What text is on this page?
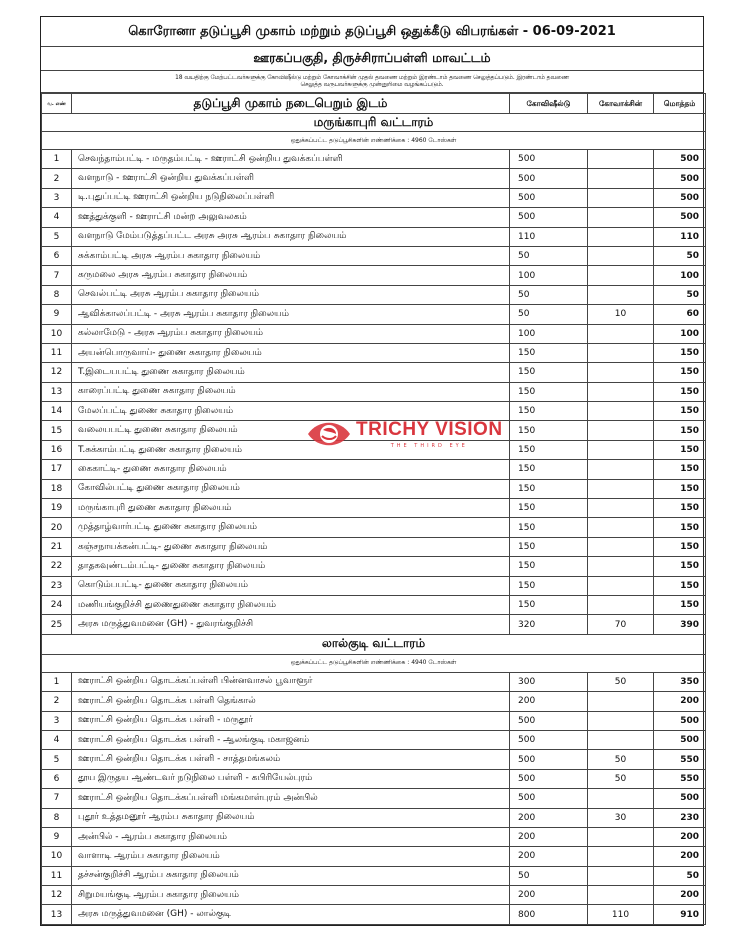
கொரோனா தடுப்பூசி முகாம் மற்றும் தடுப்பூசி ஒதுக்கீடு விபரங்கள் - 06-09-2021
ஊரகப்பகுதி, திருச்சிராப்பள்ளி மாவட்டம்
18 வயதிற்கு மேற்பட்டவர்களுக்கு கோவிஷீல்டு மற்றும் கோவாக்சின் முதல் தவணை மற்றும் இரண்டாம் தவணை செலுத்தப்படும். இரண்டாம் தவணை
செலுத்த வருபவர்களுக்கு முன்னுரிமை வழங்கப்படும்.
வ. எண்	தடுப்பூசி முகாம் நடைபெறும் இடம்	கோவிஷீல்டு	கோவாக்சின்	மொத்தம்
மருங்காபுரி வட்டாரம்				
ஒதுக்கப்பட்ட தடுப்பூசிகளின் எண்ணிக்கை : 4960 டோஸ்கள்				
1	செவந்தாம்பட்டி - மருதம்பட்டி - ஊராட்சி ஒன்றிய துவக்கப்பள்ளி	500		500
2	வளநாடு - ஊராட்சி ஒன்றிய துவக்கப்பள்ளி	500		500
3	டி.புதுப்பட்டி ஊராட்சி ஒன்றிய நடுநிலைப்பள்ளி	500		500
4	ஊத்துக்குளி - ஊராட்சி மன்ற அலுவலகம்	500		500
5	வளநாடு மேம்படுத்தப்பட்ட அரசு அரசு ஆரம்ப சுகாதார நிலையம்	110		110
6	சுக்காம்பட்டி அரசு ஆரம்ப சுகாதார நிலையம்	50		50
7	கருமலை அரசு ஆரம்ப சுகாதார நிலையம்	100		100
8	செவல்பட்டி அரசு ஆரம்ப சுகாதார நிலையம்	50		50
9	ஆவிக்காலப்பட்டி - அரசு ஆரம்ப சுகாதார நிலையம்	50	10	60
10	கல்லாமேடு - அரசு ஆரம்ப சுகாதார நிலையம்	100		100
11	அயன்பொருவாய்- துணை சுகாதார நிலையம்	150		150
12	T.இடையபட்டி துணை சுகாதார நிலையம்	150		150
13	காரைப்பட்டி துணை சுகாதார நிலையம்	150		150
14	மேலப்பட்டி துணை சுகாதார நிலையம்	150		150
15	வலையபட்டி துணை சுகாதார நிலையம்	150		150
16	T.சுக்காம்பட்டி துணை சுகாதார நிலையம்	150		150
17	கைகாட்டி- துணை சுகாதார நிலையம்	150		150
18	கோவில்பட்டி துணை சுகாதார நிலையம்	150		150
19	மருங்காபுரி துணை சுகாதார நிலையம்	150		150
20	முத்தாழ்வார்பட்டி துணை சுகாதார நிலையம்	150		150
21	கஞ்சநாயக்கன்பட்டி- துணை சுகாதார நிலையம்	150		150
22	தாதகவுண்டம்பட்டி- துணை சுகாதார நிலையம்	150		150
23	கொடும்பபட்டி- துணை சுகாதார நிலையம்	150		150
24	மணியங்குறிச்சி துணைதுணை சுகாதார நிலையம்	150		150
25	அரசு மருத்துவமனை (GH) - துவரங்குறிச்சி	320	70	390
லால்குடி வட்டாரம்				
ஒதுக்கப்பட்ட தடுப்பூசிகளின் எண்ணிக்கை : 4940 டோஸ்கள்				
1	ஊராட்சி ஒன்றிய தொடக்கப்பள்ளி பின்னவாசல் பூவாளூர்	300	50	350
2	ஊராட்சி ஒன்றிய தொடக்க பள்ளி தெங்கால்	200		200
3	ஊராட்சி ஒன்றிய தொடக்க பள்ளி - மருதூர்	500		500
4	ஊராட்சி ஒன்றிய தொடக்க பள்ளி - ஆலங்குடி மகாஜனம்	500		500
5	ஊராட்சி ஒன்றிய தொடக்க பள்ளி - சாத்தமங்கலம்	500	50	550
6	தூய இருதய ஆண்டவர் நடுநிலை பள்ளி - கபிரியேல்புரம்	500	50	550
7	ஊராட்சி ஒன்றிய தொடக்கப்பள்ளி மங்கமாள்புரம் அன்பில்	500		500
8	புதூர் உத்தமனூர் ஆரம்ப சுகாதார நிலையம்	200	30	230
9	அன்பில் - ஆரம்ப சுகாதார நிலையம்	200		200
10	வாளாடி ஆரம்ப சுகாதார நிலையம்	200		200
11	தச்சன்குறிச்சி ஆரம்ப சுகாதார நிலையம்	50		50
12	சிறுமயங்குடி ஆரம்ப சுகாதார நிலையம்	200		200
13	அரசு மருத்துவமனை (GH) - லால்குடி	800	110	910
TRICHY VISION
THE THIRD EYE
